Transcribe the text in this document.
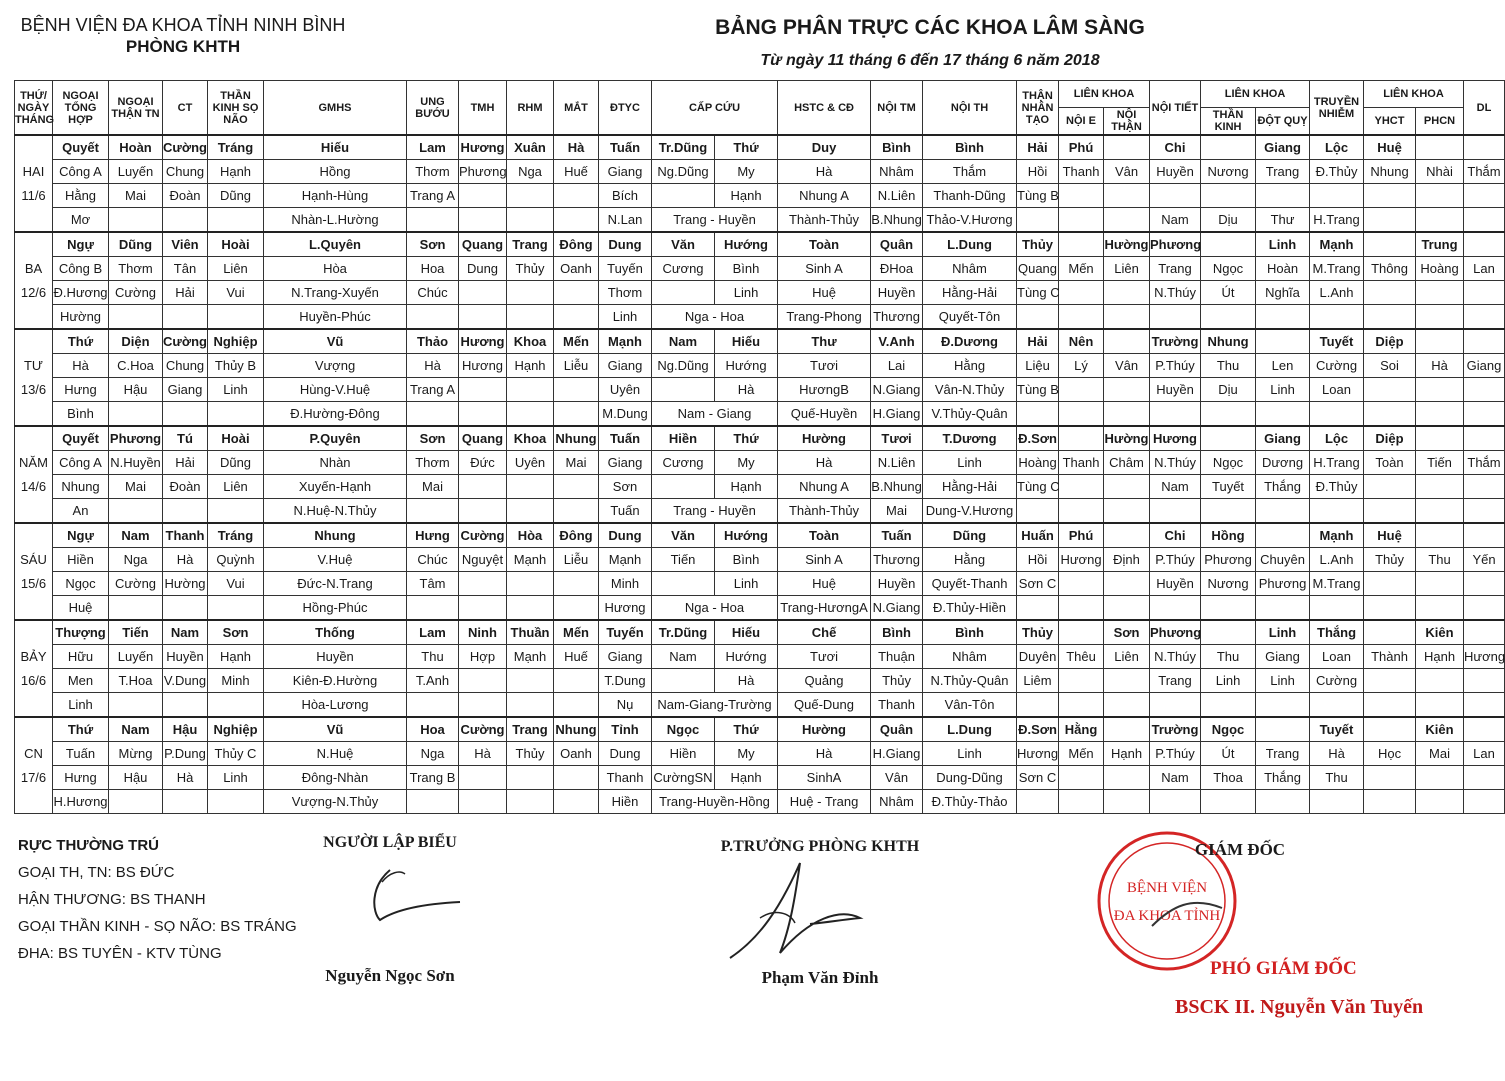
BỆNH VIỆN ĐA KHOA TỈNH NINH BÌNH
PHÒNG KHTH
BẢNG PHÂN TRỰC CÁC KHOA LÂM SÀNG
Từ ngày 11 tháng 6 đến 17 tháng 6 năm 2018
THỨ/ NGÀY THÁNG	NGOẠI TỔNG HỢP	NGOẠI THẬN TN	CT	THẦN KINH SỌ NÃO	GMHS	UNG BƯỚU	TMH	RHM	MẮT	ĐTYC	CẤP CỨU		HSTC & CĐ	NỘI TM	NỘI TH	THẬN NHÂN TẠO	LIÊN KHOA		NỘI TIẾT	LIÊN KHOA		TRUYỀN NHIỄM	LIÊN KHOA		DL
																	NỘI E	NỘI THẬN		THẦN KINH	ĐỘT QUỴ		YHCT	PHCN	
	Quyết	Hoàn	Cường	Tráng	Hiếu	Lam	Hương	Xuân	Hà	Tuấn	Tr.Dũng	Thứ	Duy	Bình	Bình	Hải	Phú		Chi		Giang	Lộc	Huệ		
HAI	Công A	Luyến	Chung	Hạnh	Hồng	Thơm	Phương	Nga	Huế	Giang	Ng.Dũng	My	Hà	Nhâm	Thắm	Hồi	Thanh	Vân	Huyền	Nương	Trang	Đ.Thủy	Nhung	Nhài	Thắm
11/6	Hằng	Mai	Đoàn	Dũng	Hạnh-Hùng	Trang A				Bích		Hạnh	Nhung A	N.Liên	Thanh-Dũng	Tùng B									
	Mơ				Nhàn-L.Hường					N.Lan	Trang - Huyền		Thành-Thủy	B.Nhung	Thảo-V.Hương				Nam	Dịu	Thư	H.Trang			
	Ngự	Dũng	Viên	Hoài	L.Quyên	Sơn	Quang	Trang	Đông	Dung	Văn	Hướng	Toàn	Quân	L.Dung	Thủy		Hường	Phương		Linh	Mạnh		Trung	
BA	Công B	Thơm	Tân	Liên	Hòa	Hoa	Dung	Thủy	Oanh	Tuyến	Cương	Bình	Sinh A	ĐHoa	Nhâm	Quang	Mến	Liên	Trang	Ngọc	Hoàn	M.Trang	Thông	Hoàng	Lan
12/6	Đ.Hương	Cường	Hải	Vui	N.Trang-Xuyến	Chúc				Thơm		Linh	Huệ	Huyền	Hằng-Hải	Tùng C			N.Thúy	Út	Nghĩa	L.Anh			
	Hường				Huyền-Phúc					Linh	Nga - Hoa		Trang-Phong	Thương	Quyết-Tôn										
	Thứ	Diện	Cường	Nghiệp	Vũ	Thảo	Hương	Khoa	Mến	Mạnh	Nam	Hiếu	Thư	V.Anh	Đ.Dương	Hải	Nên		Trường	Nhung		Tuyết	Diệp		
TƯ	Hà	C.Hoa	Chung	Thủy B	Vượng	Hà	Hương	Hạnh	Liễu	Giang	Ng.Dũng	Hướng	Tươi	Lai	Hằng	Liệu	Lý	Vân	P.Thúy	Thu	Len	Cường	Soi	Hà	Giang
13/6	Hưng	Hậu	Giang	Linh	Hùng-V.Huệ	Trang A				Uyên		Hà	HươngB	N.Giang	Vân-N.Thủy	Tùng B			Huyền	Dịu	Linh	Loan			
	Bình				Đ.Hường-Đông					M.Dung	Nam - Giang		Quế-Huyền	H.Giang	V.Thủy-Quân										
	Quyết	Phương	Tú	Hoài	P.Quyên	Sơn	Quang	Khoa	Nhung	Tuấn	Hiền	Thứ	Hường	Tươi	T.Dương	Đ.Sơn		Hường	Hương		Giang	Lộc	Diệp		
NĂM	Công A	N.Huyền	Hải	Dũng	Nhàn	Thơm	Đức	Uyên	Mai	Giang	Cương	My	Hà	N.Liên	Linh	Hoàng	Thanh	Châm	N.Thúy	Ngọc	Dương	H.Trang	Toàn	Tiến	Thắm
14/6	Nhung	Mai	Đoàn	Liên	Xuyến-Hạnh	Mai				Sơn		Hạnh	Nhung A	B.Nhung	Hằng-Hải	Tùng C			Nam	Tuyết	Thắng	Đ.Thủy			
	An				N.Huệ-N.Thủy					Tuấn	Trang - Huyền		Thành-Thủy	Mai	Dung-V.Hương										
	Ngự	Nam	Thanh	Tráng	Nhung	Hưng	Cường	Hòa	Đông	Dung	Văn	Hướng	Toàn	Tuấn	Dũng	Huấn	Phú		Chi	Hồng		Mạnh	Huệ		
SÁU	Hiền	Nga	Hà	Quỳnh	V.Huệ	Chúc	Nguyệt	Mạnh	Liễu	Mạnh	Tiến	Bình	Sinh A	Thương	Hằng	Hồi	Hương	Định	P.Thúy	Phương	Chuyên	L.Anh	Thủy	Thu	Yến
15/6	Ngọc	Cường	Hường	Vui	Đức-N.Trang	Tâm				Minh		Linh	Huệ	Huyền	Quyết-Thanh	Sơn C			Huyền	Nương	Phương	M.Trang			
	Huệ				Hồng-Phúc					Hương	Nga - Hoa		Trang-HươngA	N.Giang	Đ.Thủy-Hiền										
	Thượng	Tiến	Nam	Sơn	Thống	Lam	Ninh	Thuần	Mến	Tuyến	Tr.Dũng	Hiếu	Chế	Bình	Bình	Thủy		Sơn	Phương		Linh	Thắng		Kiên	
BẢY	Hữu	Luyến	Huyền	Hạnh	Huyền	Thu	Hợp	Mạnh	Huế	Giang	Nam	Hướng	Tươi	Thuận	Nhâm	Duyên	Thêu	Liên	N.Thúy	Thu	Giang	Loan	Thành	Hạnh	Hương
16/6	Men	T.Hoa	V.Dung	Minh	Kiên-Đ.Hường	T.Anh				T.Dung		Hà	Quảng	Thủy	N.Thủy-Quân	Liêm			Trang	Linh	Linh	Cường			
	Linh				Hòa-Lương					Nụ	Nam-Giang-Trường		Quế-Dung	Thanh	Vân-Tôn										
	Thứ	Nam	Hậu	Nghiệp	Vũ	Hoa	Cường	Trang	Nhung	Tỉnh	Ngọc	Thứ	Hường	Quân	L.Dung	Đ.Sơn	Hằng		Trường	Ngọc		Tuyết		Kiên	
CN	Tuấn	Mừng	P.Dung	Thủy C	N.Huệ	Nga	Hà	Thủy	Oanh	Dung	Hiền	My	Hà	H.Giang	Linh	Hương	Mến	Hạnh	P.Thúy	Út	Trang	Hà	Học	Mai	Lan
17/6	Hưng	Hậu	Hà	Linh	Đông-Nhàn	Trang B				Thanh	CườngSN	Hạnh	SinhA	Vân	Dung-Dũng	Sơn C			Nam	Thoa	Thắng	Thu			
	H.Hương				Vượng-N.Thủy					Hiền	Trang-Huyền-Hồng		Huệ - Trang	Nhâm	Đ.Thủy-Thảo										
RỰC THƯỜNG TRÚ
GOẠI TH, TN: BS ĐỨC
HẬN THƯƠNG: BS THANH
GOẠI THẦN KINH - SỌ NÃO: BS TRÁNG
ĐHA: BS TUYÊN - KTV TÙNG
NGƯỜI LẬP BIỂU
Nguyễn Ngọc Sơn
P.TRƯỞNG PHÒNG KHTH
Phạm Văn Đỉnh
BỆNH VIỆN
ĐA KHOA TỈNH
GIÁM ĐỐC
PHÓ GIÁM ĐỐC
BSCK II. Nguyễn Văn Tuyến
